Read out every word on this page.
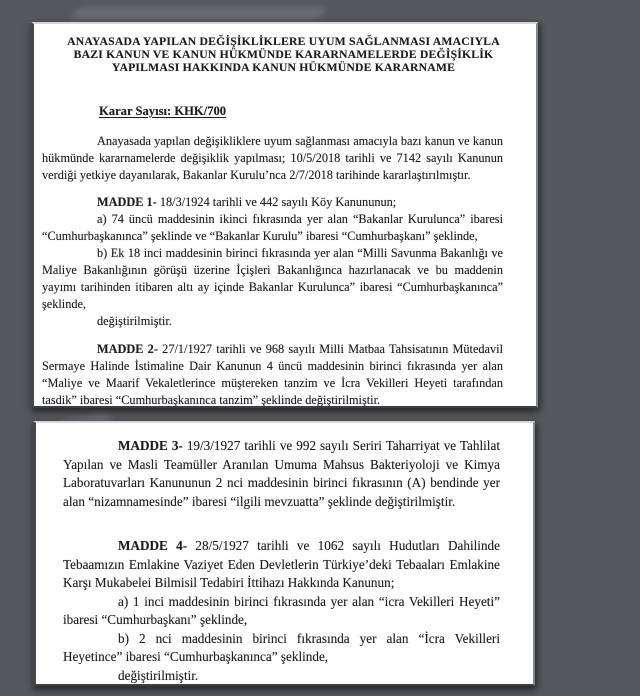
ANAYASADA YAPILAN DEĞİŞİKLİKLERE UYUM SAĞLANMASI AMACIYLA
BAZI KANUN VE KANUN HÜKMÜNDE KARARNAMELERDE DEĞİŞİKLİK
YAPILMASI HAKKINDA KANUN HÜKMÜNDE KARARNAME
Karar Sayısı: KHK/700

Anayasada yapılan değişikliklere uyum sağlanması amacıyla bazı kanun ve kanun hükmünde kararnamelerde değişiklik yapılması; 10/5/2018 tarihli ve 7142 sayılı Kanunun verdiği yetkiye dayanılarak, Bakanlar Kurulu’nca 2/7/2018 tarihinde kararlaştırılmıştır.

MADDE 1- 18/3/1924 tarihli ve 442 sayılı Köy Kanununun;

a) 74 üncü maddesinin ikinci fıkrasında yer alan “Bakanlar Kurulunca” ibaresi “Cumhurbaşkanınca” şeklinde ve “Bakanlar Kurulu” ibaresi “Cumhurbaşkanı” şeklinde,

b) Ek 18 inci maddesinin birinci fıkrasında yer alan “Milli Savunma Bakanlığı ve Maliye Bakanlığının görüşü üzerine İçişleri Bakanlığınca hazırlanacak ve bu maddenin yayımı tarihinden itibaren altı ay içinde Bakanlar Kurulunca” ibaresi “Cumhurbaşkanınca” şeklinde,

değiştirilmiştir.

MADDE 2- 27/1/1927 tarihli ve 968 sayılı Milli Matbaa Tahsisatının Mütedavil Sermaye Halinde İstimaline Dair Kanunun 4 üncü maddesinin birinci fıkrasında yer alan “Maliye ve Maarif Vekaletlerince müştereken tanzim ve İcra Vekilleri Heyeti tarafından tasdik” ibaresi “Cumhurbaşkanınca tanzim” şeklinde değiştirilmiştir.

MADDE 3- 19/3/1927 tarihli ve 992 sayılı Seriri Taharriyat ve Tahlilat Yapılan ve Masli Teamüller Aranılan Umuma Mahsus Bakteriyoloji ve Kimya Laboratuvarları Kanununun 2 nci maddesinin birinci fıkrasının (A) bendinde yer alan “nizamnamesinde” ibaresi “ilgili mevzuatta” şeklinde değiştirilmiştir.

MADDE 4- 28/5/1927 tarihli ve 1062 sayılı Hudutları Dahilinde Tebaamızın Emlakine Vaziyet Eden Devletlerin Türkiye’deki Tebaaları Emlakine Karşı Mukabelei Bilmisil Tedabiri İttihazı Hakkında Kanunun;

a) 1 inci maddesinin birinci fıkrasında yer alan “icra Vekilleri Heyeti” ibaresi “Cumhurbaşkanı” şeklinde,

b) 2 nci maddesinin birinci fıkrasında yer alan “İcra Vekilleri Heyetince” ibaresi “Cumhurbaşkanınca” şeklinde,

değiştirilmiştir.
